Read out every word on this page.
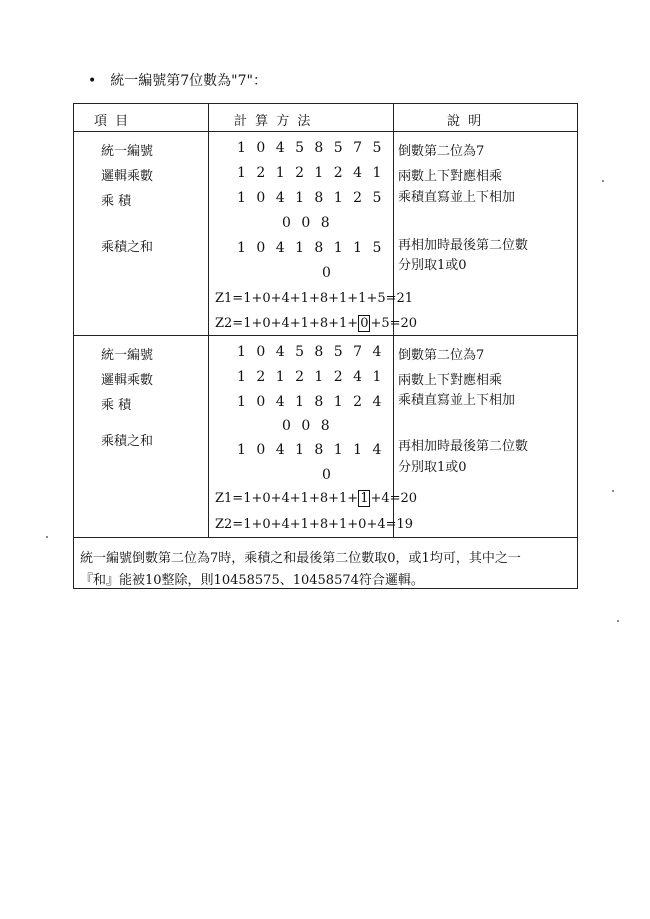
• 統一編號第7位數為"7"：
項 目	計 算 方 法	說 明
統一編號
邏輯乘數
乘 積
乘積之和
1 0 4 5 8 5 7 5
1 2 1 2 1 2 4 1
1 0 4 1 8 1 2 5
0 0 8
1 0 4 1 8 1 1 5
0
Z1=1+0+4+1+8+1+1+5=21
Z2=1+0+4+1+8+1+ 0 +5=20
倒數第二位為7
兩數上下對應相乘
乘積直寫並上下相加
再相加時最後第二位數
分別取1或0
統一編號
邏輯乘數
乘 積
乘積之和
1 0 4 5 8 5 7 4
1 2 1 2 1 2 4 1
1 0 4 1 8 1 2 4
0 0 8
1 0 4 1 8 1 1 4
0
Z1=1+0+4+1+8+1+ 1 +4=20
Z2=1+0+4+1+8+1+0+4=19
倒數第二位為7
兩數上下對應相乘
乘積直寫並上下相加
再相加時最後第二位數
分別取1或0
統一編號倒數第二位為7時，乘積之和最後第二位數取0，或1均可，其中之一
『和』能被10整除，則10458575、10458574符合邏輯。
